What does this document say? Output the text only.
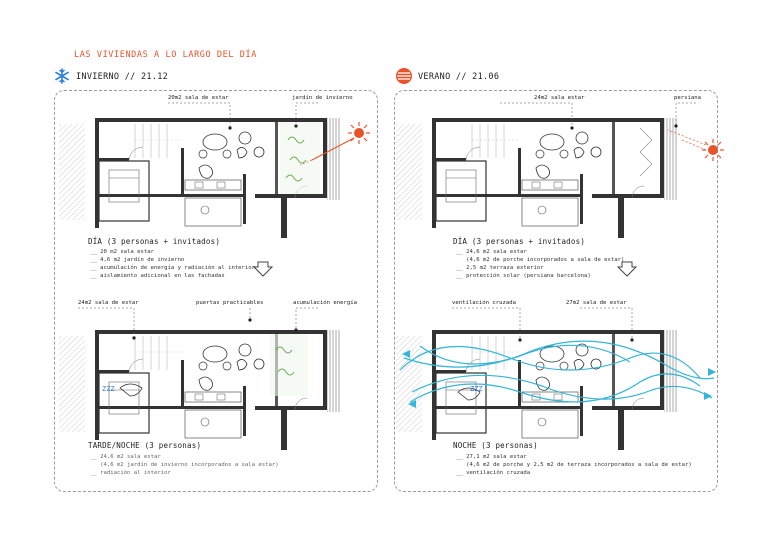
LAS VIVIENDAS A LO LARGO DEL DÍA
INVIERNO // 21.12	VERANO // 21.06
20m2 sala de estar	jardín de invierno
24m2 sala de estar	puertas practicables	acumulación energía
ZZZ
24m2 sala estar	persiana
ventilación cruzada	27m2 sala de estar
ZZZ
DÍA (3 personas + invitados)
__ 20 m2 sala estar
__ 4,6 m2 jardín de invierno
__ acumulación de energía y radiación al interior
__ aislamiento adicional en las fachadas
TARDE/NOCHE (3 personas)
__ 24,6 m2 sala estar
(4,6 m2 jardín de invierno incorporados a sala estar)
__ radiación al interior
DÍA (3 personas + invitados)
__ 24,6 m2 sala estar
(4,6 m2 de porche incorporados a sala de estar)
__ 2,5 m2 terraza exterior
__ protección solar (persiana barcelona)
NOCHE (3 personas)
__ 27,1 m2 sala estar
(4,6 m2 de porche y 2,5 m2 de terraza incorporados a sala de estar)
__ ventilación cruzada
